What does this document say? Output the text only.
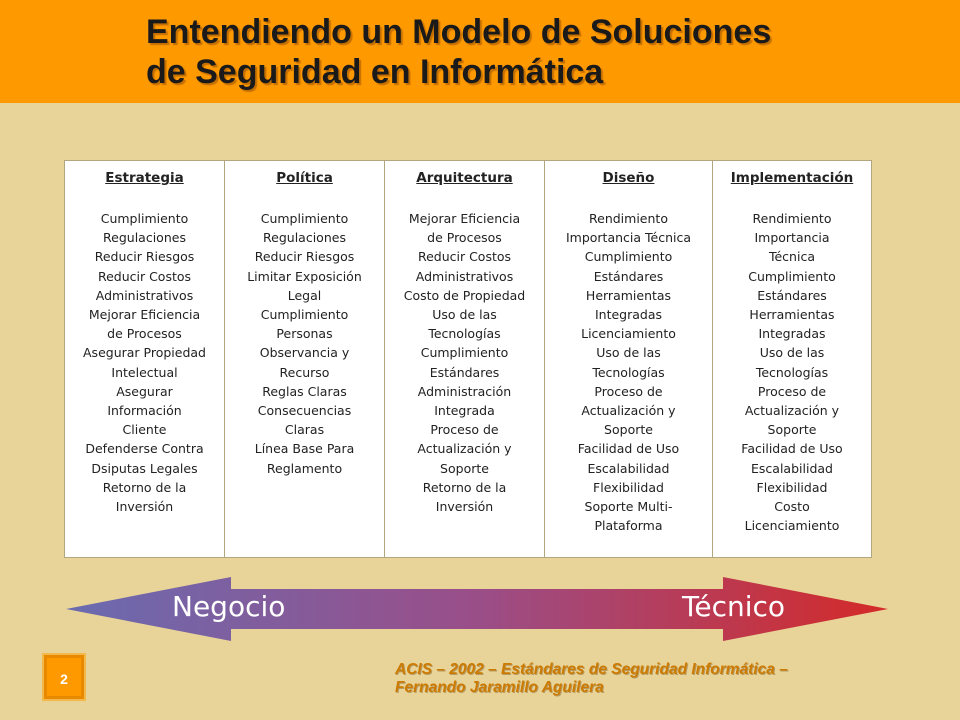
Entendiendo un Modelo de Soluciones
de Seguridad en Informática
Estrategia
Cumplimiento
Regulaciones
Reducir Riesgos
Reducir Costos
Administrativos
Mejorar Eficiencia
de Procesos
Asegurar Propiedad
Intelectual
Asegurar
Información
Cliente
Defenderse Contra
Dsiputas Legales
Retorno de la
Inversión
Política
Cumplimiento
Regulaciones
Reducir Riesgos
Limitar Exposición
Legal
Cumplimiento
Personas
Observancia y
Recurso
Reglas Claras
Consecuencias
Claras
Línea Base Para
Reglamento
Arquitectura
Mejorar Eficiencia
de Procesos
Reducir Costos
Administrativos
Costo de Propiedad
Uso de las
Tecnologías
Cumplimiento
Estándares
Administración
Integrada
Proceso de
Actualización y
Soporte
Retorno de la
Inversión
Diseño
Rendimiento
Importancia Técnica
Cumplimiento
Estándares
Herramientas
Integradas
Licenciamiento
Uso de las
Tecnologías
Proceso de
Actualización y
Soporte
Facilidad de Uso
Escalabilidad
Flexibilidad
Soporte Multi-
Plataforma
Implementación
Rendimiento
Importancia
Técnica
Cumplimiento
Estándares
Herramientas
Integradas
Uso de las
Tecnologías
Proceso de
Actualización y
Soporte
Facilidad de Uso
Escalabilidad
Flexibilidad
Costo
Licenciamiento
Negocio	Técnico
2

ACIS – 2002 – Estándares de Seguridad Informática –
Fernando Jaramillo Aguilera
